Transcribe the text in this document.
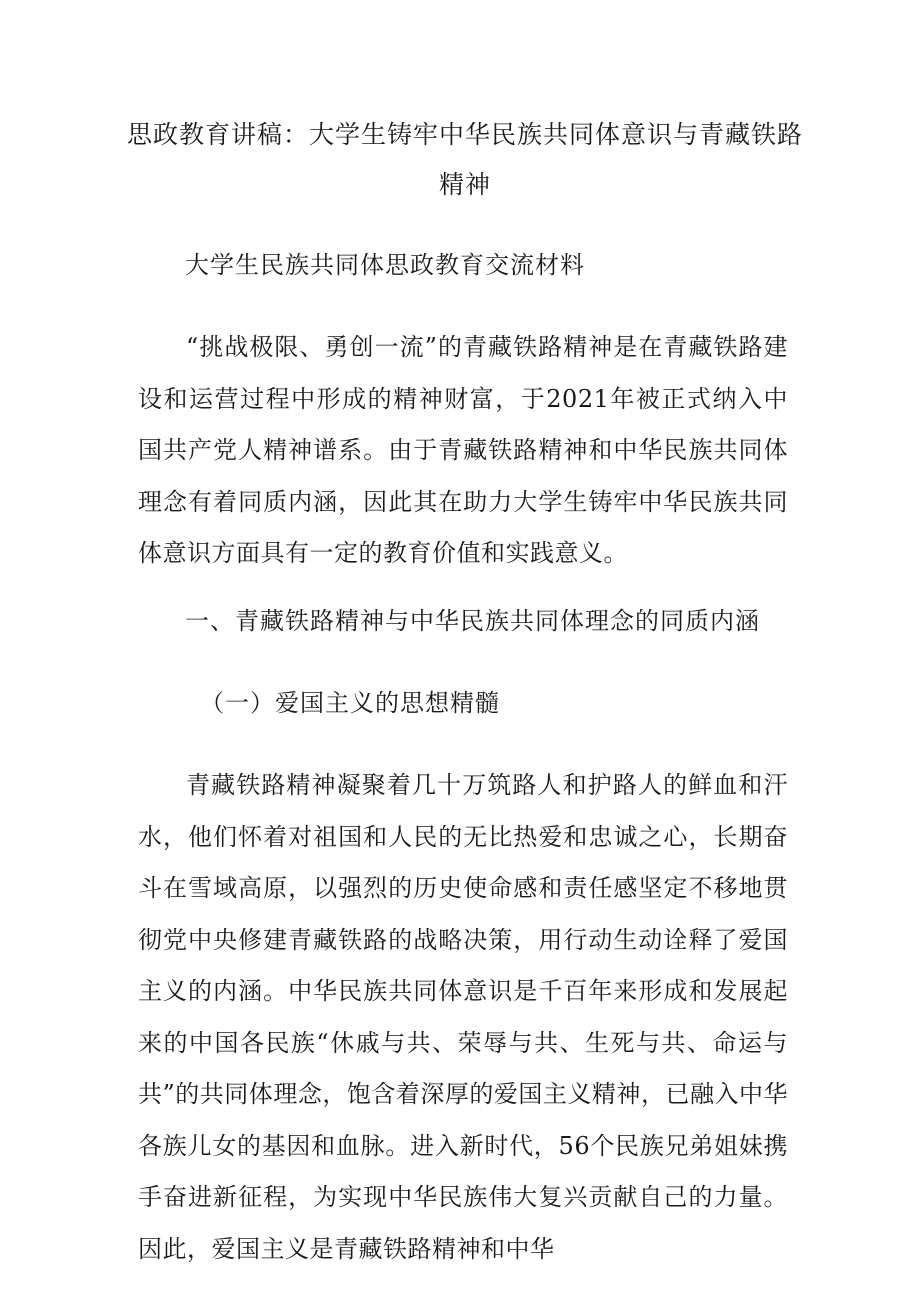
思政教育讲稿：大学生铸牢中华民族共同体意识与青藏铁路精神
大学生民族共同体思政教育交流材料
“挑战极限、勇创一流”的青藏铁路精神是在青藏铁路建设和运营过程中形成的精神财富，于2021年被正式纳入中国共产党人精神谱系。由于青藏铁路精神和中华民族共同体理念有着同质内涵，因此其在助力大学生铸牢中华民族共同体意识方面具有一定的教育价值和实践意义。
一、青藏铁路精神与中华民族共同体理念的同质内涵
（一）爱国主义的思想精髓
青藏铁路精神凝聚着几十万筑路人和护路人的鲜血和汗水，他们怀着对祖国和人民的无比热爱和忠诚之心，长期奋斗在雪域高原，以强烈的历史使命感和责任感坚定不移地贯彻党中央修建青藏铁路的战略决策，用行动生动诠释了爱国主义的内涵。中华民族共同体意识是千百年来形成和发展起来的中国各民族“休戚与共、荣辱与共、生死与共、命运与共”的共同体理念，饱含着深厚的爱国主义精神，已融入中华各族儿女的基因和血脉。进入新时代，56个民族兄弟姐妹携手奋进新征程，为实现中华民族伟大复兴贡献自己的力量。因此，爱国主义是青藏铁路精神和中华
